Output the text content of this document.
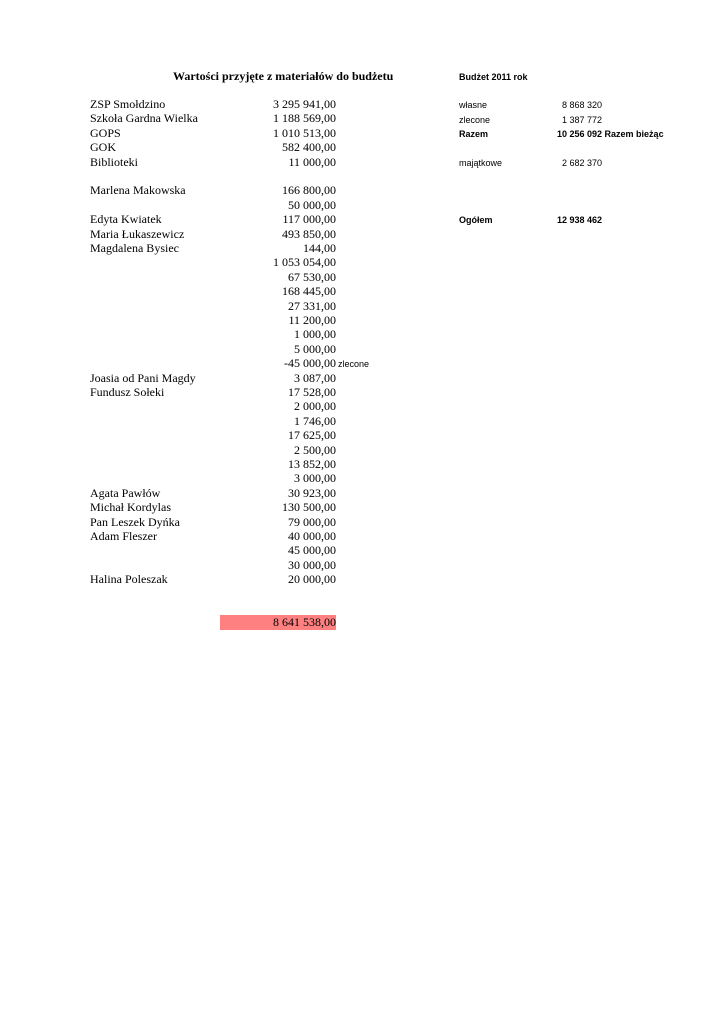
Wartości przyjęte z materiałów do budżetu
ZSP Smołdzino	3 295 941,00
Szkoła Gardna Wielka	1 188 569,00
GOPS	1 010 513,00
GOK	582 400,00
Biblioteki	11 000,00
Marlena Makowska	166 800,00
50 000,00
Edyta Kwiatek	117 000,00
Maria Łukaszewicz	493 850,00
Magdalena Bysiec	144,00
1 053 054,00
67 530,00
168 445,00
27 331,00
11 200,00
1 000,00
5 000,00
-45 000,00 zlecone
Joasia od Pani Magdy	3 087,00
Fundusz Sołeki	17 528,00
2 000,00
1 746,00
17 625,00
2 500,00
13 852,00
3 000,00
Agata Pawłów	30 923,00
Michał Kordylas	130 500,00
Pan Leszek Dyńka	79 000,00
Adam Fleszer	40 000,00
45 000,00
30 000,00
Halina Poleszak	20 000,00
8 641 538,00
Budżet 2011 rok
własne	8 868 320
zlecone	1 387 772
Razem	10 256 092 Razem bieżąc
majątkowe	2 682 370
Ogółem	12 938 462
